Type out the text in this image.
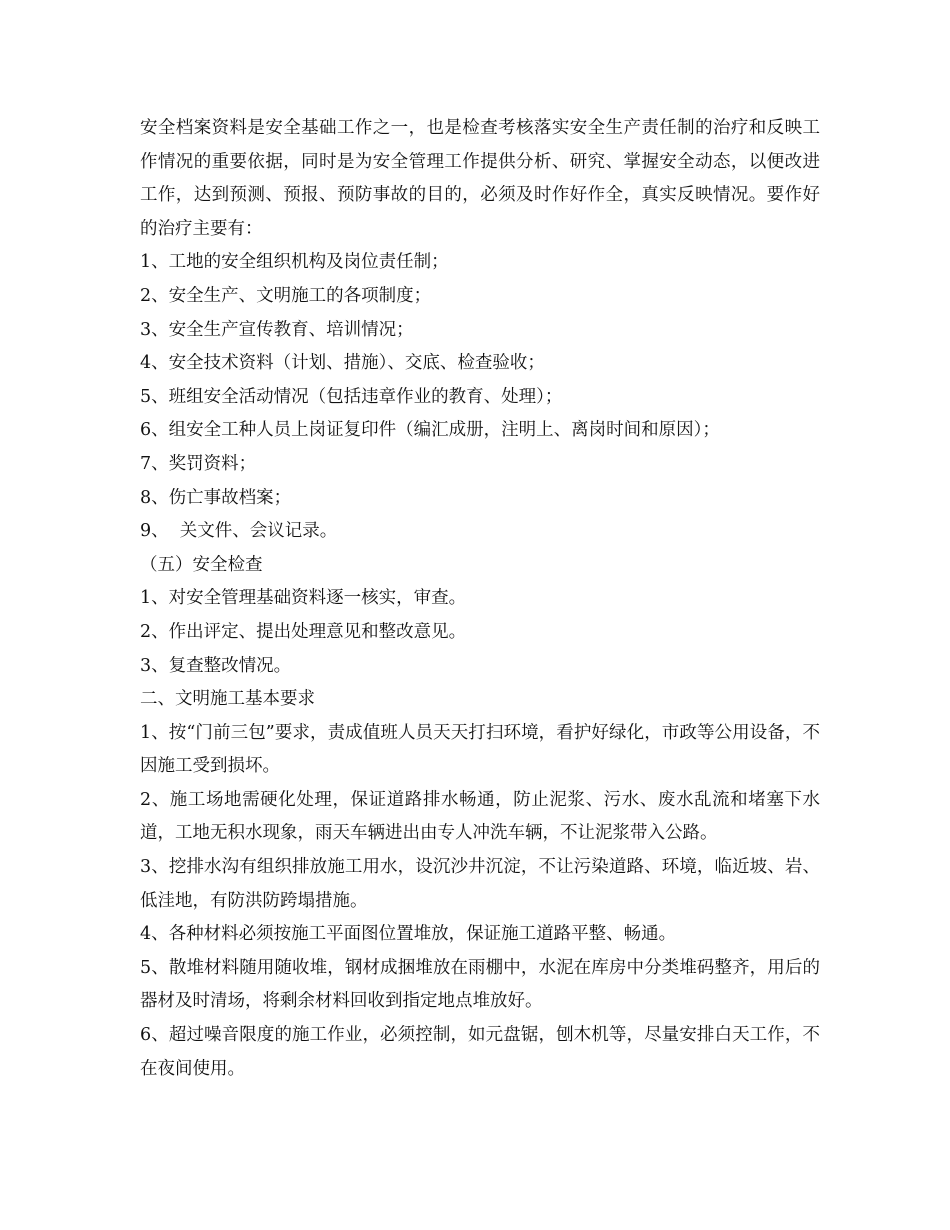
安全档案资料是安全基础工作之一，也是检查考核落实安全生产责任制的治疗和反映工作情况的重要依据，同时是为安全管理工作提供分析、研究、掌握安全动态，以便改进工作，达到预测、预报、预防事故的目的，必须及时作好作全，真实反映情况。要作好的治疗主要有：

1、工地的安全组织机构及岗位责任制；

2、安全生产、文明施工的各项制度；

3、安全生产宣传教育、培训情况；

4、安全技术资料（计划、措施）、交底、检查验收；

5、班组安全活动情况（包括违章作业的教育、处理）；

6、组安全工种人员上岗证复印件（编汇成册，注明上、离岗时间和原因）；

7、奖罚资料；

8、伤亡事故档案；

9、  关文件、会议记录。

（五）安全检查

1、对安全管理基础资料逐一核实，审查。

2、作出评定、提出处理意见和整改意见。

3、复查整改情况。

二、文明施工基本要求

1、按“门前三包”要求，责成值班人员天天打扫环境，看护好绿化，市政等公用设备，不因施工受到损坏。

2、施工场地需硬化处理，保证道路排水畅通，防止泥浆、污水、废水乱流和堵塞下水道，工地无积水现象，雨天车辆进出由专人冲洗车辆，不让泥浆带入公路。

3、挖排水沟有组织排放施工用水，设沉沙井沉淀，不让污染道路、环境，临近坡、岩、低洼地，有防洪防跨塌措施。

4、各种材料必须按施工平面图位置堆放，保证施工道路平整、畅通。

5、散堆材料随用随收堆，钢材成捆堆放在雨棚中，水泥在库房中分类堆码整齐，用后的器材及时清场，将剩余材料回收到指定地点堆放好。

6、超过噪音限度的施工作业，必须控制，如元盘锯，刨木机等，尽量安排白天工作，不在夜间使用。
